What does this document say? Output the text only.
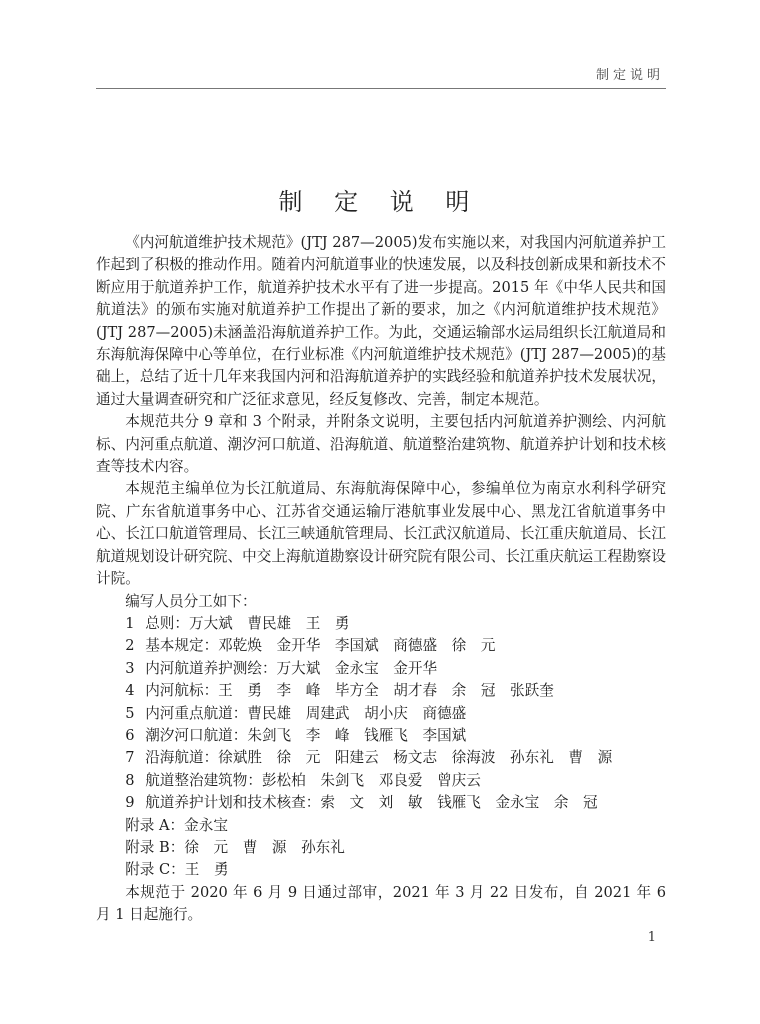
制定说明
制 定 说 明

《内河航道维护技术规范》(JTJ 287—2005)发布实施以来，对我国内河航道养护工作起到了积极的推动作用。随着内河航道事业的快速发展，以及科技创新成果和新技术不断应用于航道养护工作，航道养护技术水平有了进一步提高。2015 年《中华人民共和国航道法》的颁布实施对航道养护工作提出了新的要求，加之《内河航道维护技术规范》(JTJ 287—2005)未涵盖沿海航道养护工作。为此，交通运输部水运局组织长江航道局和东海航海保障中心等单位，在行业标准《内河航道维护技术规范》(JTJ 287—2005)的基础上，总结了近十几年来我国内河和沿海航道养护的实践经验和航道养护技术发展状况，通过大量调查研究和广泛征求意见，经反复修改、完善，制定本规范。

本规范共分 9 章和 3 个附录，并附条文说明，主要包括内河航道养护测绘、内河航标、内河重点航道、潮汐河口航道、沿海航道、航道整治建筑物、航道养护计划和技术核查等技术内容。

本规范主编单位为长江航道局、东海航海保障中心，参编单位为南京水利科学研究院、广东省航道事务中心、江苏省交通运输厅港航事业发展中心、黑龙江省航道事务中心、长江口航道管理局、长江三峡通航管理局、长江武汉航道局、长江重庆航道局、长江航道规划设计研究院、中交上海航道勘察设计研究院有限公司、长江重庆航运工程勘察设计院。

编写人员分工如下：

1 总则：万大斌　曹民雄　王　勇
2 基本规定：邓乾焕　金开华　李国斌　商德盛　徐　元
3 内河航道养护测绘：万大斌　金永宝　金开华
4 内河航标：王　勇　李　峰　毕方全　胡才春　余　冠　张跃奎
5 内河重点航道：曹民雄　周建武　胡小庆　商德盛
6 潮汐河口航道：朱剑飞　李　峰　钱雁飞　李国斌
7 沿海航道：徐斌胜　徐　元　阳建云　杨文志　徐海波　孙东礼　曹　源
8 航道整治建筑物：彭松柏　朱剑飞　邓良爱　曾庆云
9 航道养护计划和技术核查：索　文　刘　敏　钱雁飞　金永宝　余　冠

附录 A：金永宝

附录 B：徐　元　曹　源　孙东礼

附录 C：王　勇

本规范于 2020 年 6 月 9 日通过部审，2021 年 3 月 22 日发布，自 2021 年 6 月 1 日起施行。

1
